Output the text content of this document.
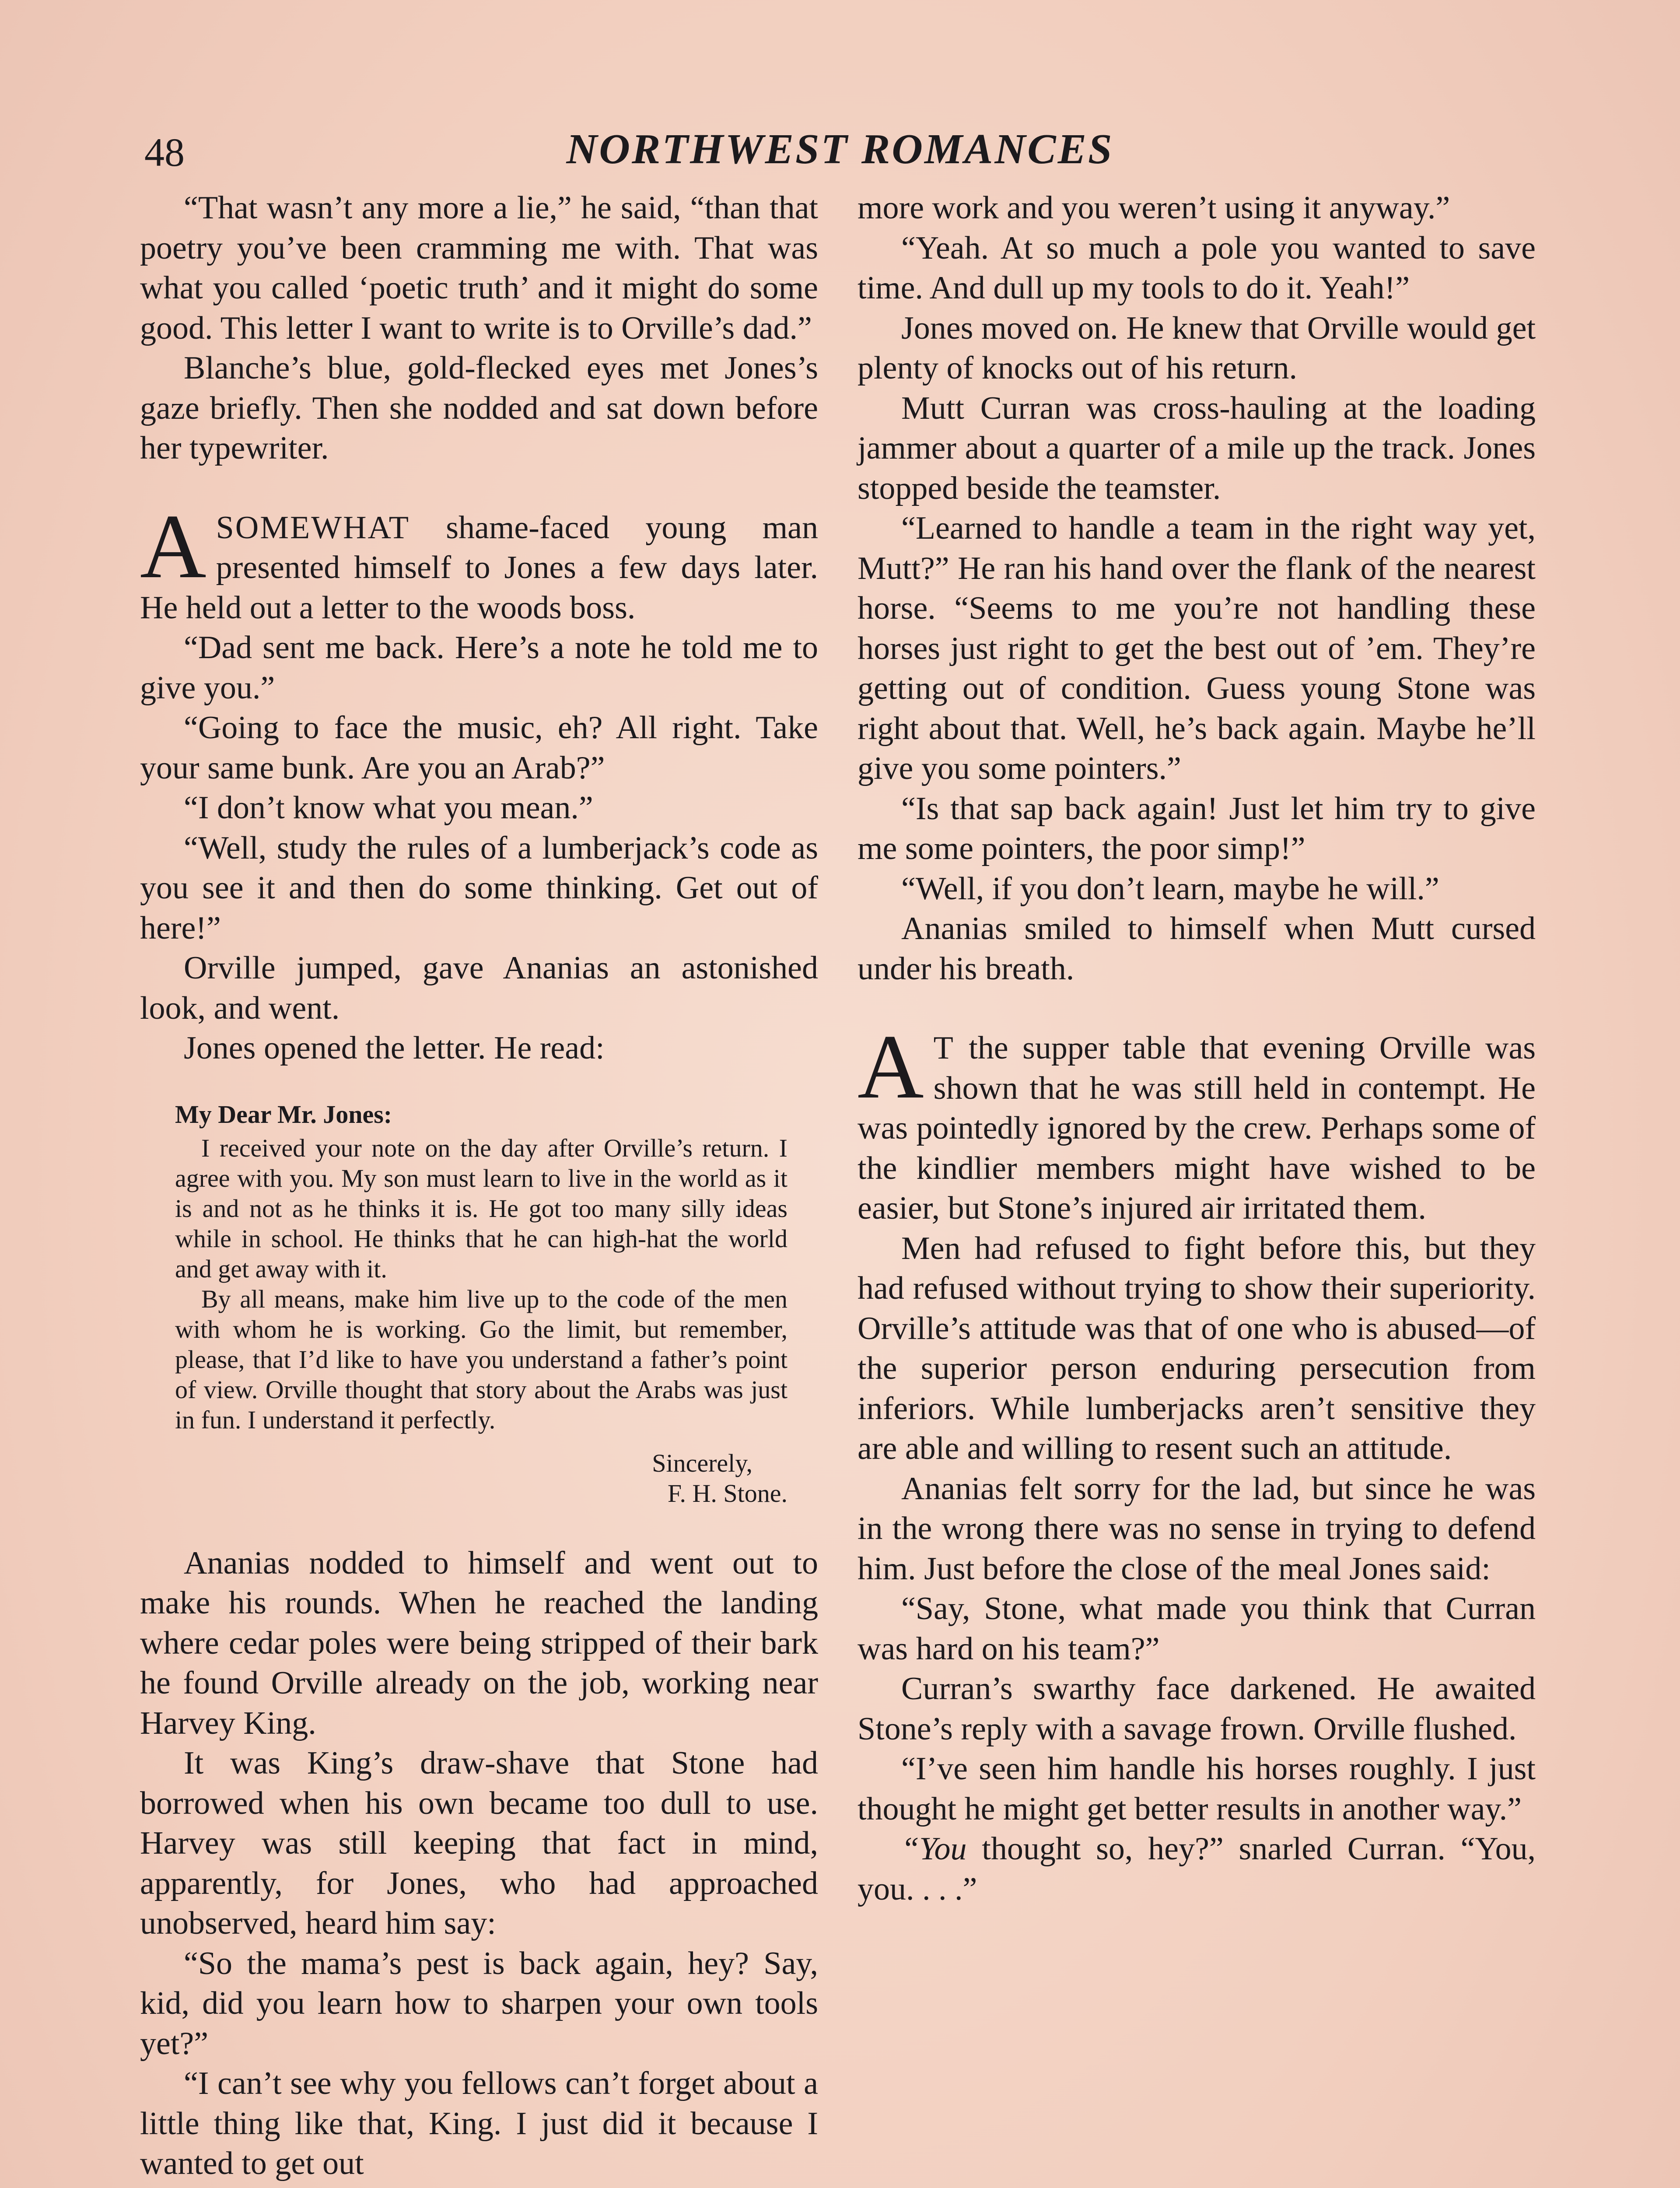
48	NORTHWEST ROMANCES

“That wasn’t any more a lie,” he said, “than that poetry you’ve been cramming me with. That was what you called ‘poetic truth’ and it might do some good. This letter I want to write is to Orville’s dad.”

Blanche’s blue, gold-flecked eyes met Jones’s gaze briefly. Then she nodded and sat down before her typewriter.

ASOMEWHAT shame-faced young man presented himself to Jones a few days later. He held out a letter to the woods boss.

“Dad sent me back. Here’s a note he told me to give you.”

“Going to face the music, eh? All right. Take your same bunk. Are you an Arab?”

“I don’t know what you mean.”

“Well, study the rules of a lumberjack’s code as you see it and then do some thinking. Get out of here!”

Orville jumped, gave Ananias an astonished look, and went.

Jones opened the letter. He read:

My Dear Mr. Jones:

I received your note on the day after Orville’s return. I agree with you. My son must learn to live in the world as it is and not as he thinks it is. He got too many silly ideas while in school. He thinks that he can high-hat the world and get away with it.

By all means, make him live up to the code of the men with whom he is working. Go the limit, but remember, please, that I’d like to have you understand a father’s point of view. Orville thought that story about the Arabs was just in fun. I understand it perfectly.

Sincerely,
F. H. Stone.

Ananias nodded to himself and went out to make his rounds. When he reached the landing where cedar poles were being stripped of their bark he found Orville already on the job, working near Harvey King.

It was King’s draw-shave that Stone had borrowed when his own became too dull to use. Harvey was still keeping that fact in mind, apparently, for Jones, who had approached unobserved, heard him say:

“So the mama’s pest is back again, hey? Say, kid, did you learn how to sharpen your own tools yet?”

“I can’t see why you fellows can’t forget about a little thing like that, King. I just did it because I wanted to get out

more work and you weren’t using it anyway.”

“Yeah. At so much a pole you wanted to save time. And dull up my tools to do it. Yeah!”

Jones moved on. He knew that Orville would get plenty of knocks out of his return.

Mutt Curran was cross-hauling at the loading jammer about a quarter of a mile up the track. Jones stopped beside the teamster.

“Learned to handle a team in the right way yet, Mutt?” He ran his hand over the flank of the nearest horse. “Seems to me you’re not handling these horses just right to get the best out of ’em. They’re getting out of condition. Guess young Stone was right about that. Well, he’s back again. Maybe he’ll give you some pointers.”

“Is that sap back again! Just let him try to give me some pointers, the poor simp!”

“Well, if you don’t learn, maybe he will.”

Ananias smiled to himself when Mutt cursed under his breath.

A T the supper table that evening Orville was shown that he was still held in contempt. He was pointedly ignored by the crew. Perhaps some of the kindlier members might have wished to be easier, but Stone’s injured air irritated them.

Men had refused to fight before this, but they had refused without trying to show their superiority. Orville’s attitude was that of one who is abused—of the superior person enduring persecution from inferiors. While lumberjacks aren’t sensitive they are able and willing to resent such an attitude.

Ananias felt sorry for the lad, but since he was in the wrong there was no sense in trying to defend him. Just before the close of the meal Jones said:

“Say, Stone, what made you think that Curran was hard on his team?”

Curran’s swarthy face darkened. He awaited Stone’s reply with a savage frown. Orville flushed.

“I’ve seen him handle his horses roughly. I just thought he might get better results in another way.”

“You thought so, hey?” snarled Curran. “You, you. . . .”
